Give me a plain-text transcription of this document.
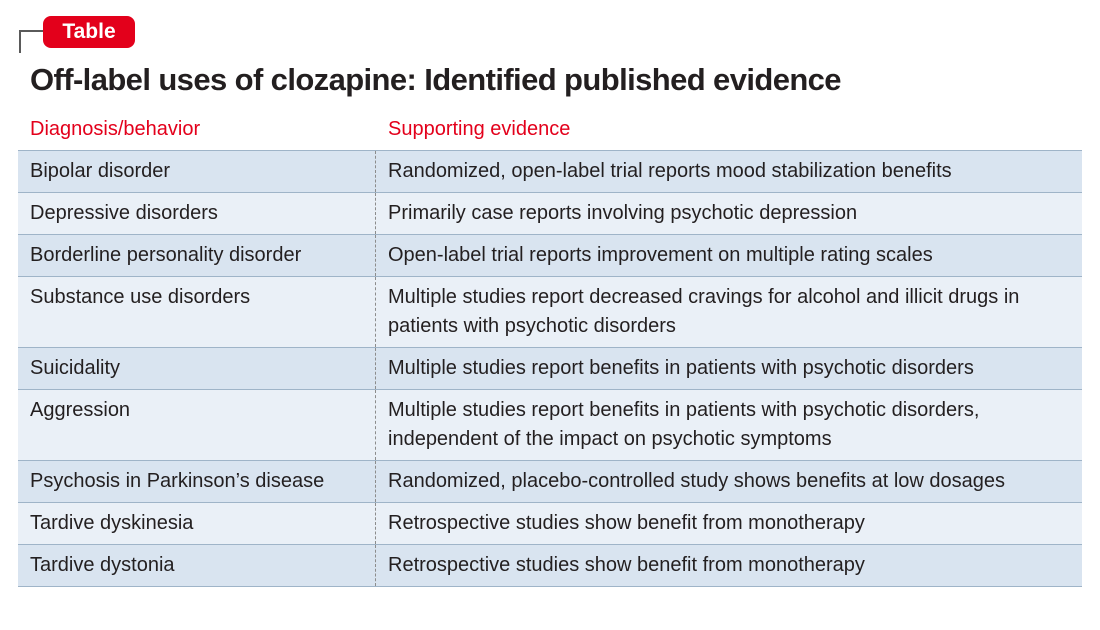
Table
Off-label uses of clozapine: Identified published evidence
Diagnosis/behavior	Supporting evidence
Bipolar disorder	Randomized, open-label trial reports mood stabilization benefits
Depressive disorders	Primarily case reports involving psychotic depression
Borderline personality disorder	Open-label trial reports improvement on multiple rating scales
Substance use disorders	Multiple studies report decreased cravings for alcohol and illicit drugs in patients with psychotic disorders
Suicidality	Multiple studies report benefits in patients with psychotic disorders
Aggression	Multiple studies report benefits in patients with psychotic disorders, independent of the impact on psychotic symptoms
Psychosis in Parkinson’s disease	Randomized, placebo-controlled study shows benefits at low dosages
Tardive dyskinesia	Retrospective studies show benefit from monotherapy
Tardive dystonia	Retrospective studies show benefit from monotherapy
